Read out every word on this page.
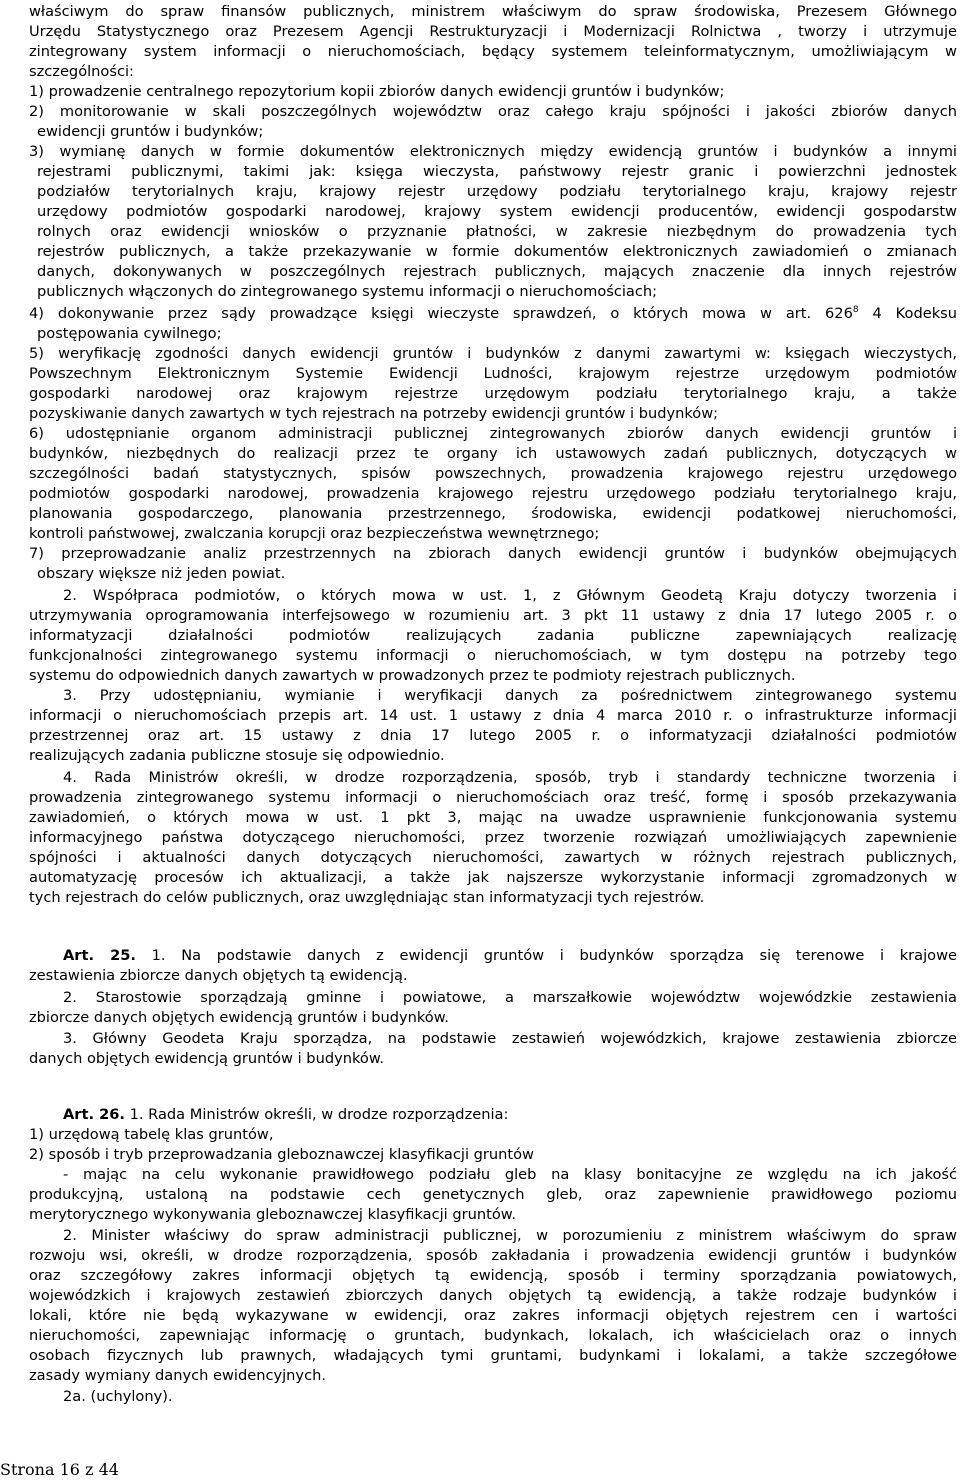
właściwym do spraw finansów publicznych, ministrem właściwym do spraw środowiska, Prezesem Głównego
Urzędu Statystycznego oraz Prezesem Agencji Restrukturyzacji i Modernizacji Rolnictwa , tworzy i utrzymuje
zintegrowany system informacji o nieruchomościach, będący systemem teleinformatycznym, umożliwiającym w
szczególności:
1) prowadzenie centralnego repozytorium kopii zbiorów danych ewidencji gruntów i budynków;
2) monitorowanie w skali poszczególnych województw oraz całego kraju spójności i jakości zbiorów danych
ewidencji gruntów i budynków;
3) wymianę danych w formie dokumentów elektronicznych między ewidencją gruntów i budynków a innymi
rejestrami publicznymi, takimi jak: księga wieczysta, państwowy rejestr granic i powierzchni jednostek
podziałów terytorialnych kraju, krajowy rejestr urzędowy podziału terytorialnego kraju, krajowy rejestr
urzędowy podmiotów gospodarki narodowej, krajowy system ewidencji producentów, ewidencji gospodarstw
rolnych oraz ewidencji wniosków o przyznanie płatności, w zakresie niezbędnym do prowadzenia tych
rejestrów publicznych, a także przekazywanie w formie dokumentów elektronicznych zawiadomień o zmianach
danych, dokonywanych w poszczególnych rejestrach publicznych, mających znaczenie dla innych rejestrów
publicznych włączonych do zintegrowanego systemu informacji o nieruchomościach;
4) dokonywanie przez sądy prowadzące księgi wieczyste sprawdzeń, o których mowa w art. $626^8$ 4 Kodeksu
postępowania cywilnego;
5) weryfikację zgodności danych ewidencji gruntów i budynków z danymi zawartymi w: księgach wieczystych,
Powszechnym Elektronicznym Systemie Ewidencji Ludności, krajowym rejestrze urzędowym podmiotów
gospodarki narodowej oraz krajowym rejestrze urzędowym podziału terytorialnego kraju, a także
pozyskiwanie danych zawartych w tych rejestrach na potrzeby ewidencji gruntów i budynków;
6) udostępnianie organom administracji publicznej zintegrowanych zbiorów danych ewidencji gruntów i
budynków, niezbędnych do realizacji przez te organy ich ustawowych zadań publicznych, dotyczących w
szczególności badań statystycznych, spisów powszechnych, prowadzenia krajowego rejestru urzędowego
podmiotów gospodarki narodowej, prowadzenia krajowego rejestru urzędowego podziału terytorialnego kraju,
planowania gospodarczego, planowania przestrzennego, środowiska, ewidencji podatkowej nieruchomości,
kontroli państwowej, zwalczania korupcji oraz bezpieczeństwa wewnętrznego;
7) przeprowadzanie analiz przestrzennych na zbiorach danych ewidencji gruntów i budynków obejmujących
obszary większe niż jeden powiat.
2. Współpraca podmiotów, o których mowa w ust. 1, z Głównym Geodetą Kraju dotyczy tworzenia i
utrzymywania oprogramowania interfejsowego w rozumieniu art. 3 pkt 11 ustawy z dnia 17 lutego 2005 r. o
informatyzacji działalności podmiotów realizujących zadania publiczne zapewniających realizację
funkcjonalności zintegrowanego systemu informacji o nieruchomościach, w tym dostępu na potrzeby tego
systemu do odpowiednich danych zawartych w prowadzonych przez te podmioty rejestrach publicznych.
3. Przy udostępnianiu, wymianie i weryfikacji danych za pośrednictwem zintegrowanego systemu
informacji o nieruchomościach przepis art. 14 ust. 1 ustawy z dnia 4 marca 2010 r. o infrastrukturze informacji
przestrzennej oraz art. 15 ustawy z dnia 17 lutego 2005 r. o informatyzacji działalności podmiotów
realizujących zadania publiczne stosuje się odpowiednio.
4. Rada Ministrów określi, w drodze rozporządzenia, sposób, tryb i standardy techniczne tworzenia i
prowadzenia zintegrowanego systemu informacji o nieruchomościach oraz treść, formę i sposób przekazywania
zawiadomień, o których mowa w ust. 1 pkt 3, mając na uwadze usprawnienie funkcjonowania systemu
informacyjnego państwa dotyczącego nieruchomości, przez tworzenie rozwiązań umożliwiających zapewnienie
spójności i aktualności danych dotyczących nieruchomości, zawartych w różnych rejestrach publicznych,
automatyzację procesów ich aktualizacji, a także jak najszersze wykorzystanie informacji zgromadzonych w
tych rejestrach do celów publicznych, oraz uwzględniając stan informatyzacji tych rejestrów.
Art. 25. 1. Na podstawie danych z ewidencji gruntów i budynków sporządza się terenowe i krajowe
zestawienia zbiorcze danych objętych tą ewidencją.
2. Starostowie sporządzają gminne i powiatowe, a marszałkowie województw wojewódzkie zestawienia
zbiorcze danych objętych ewidencją gruntów i budynków.
3. Główny Geodeta Kraju sporządza, na podstawie zestawień wojewódzkich, krajowe zestawienia zbiorcze
danych objętych ewidencją gruntów i budynków.
Art. 26. 1. Rada Ministrów określi, w drodze rozporządzenia:
1) urzędową tabelę klas gruntów,
2) sposób i tryb przeprowadzania gleboznawczej klasyfikacji gruntów
- mając na celu wykonanie prawidłowego podziału gleb na klasy bonitacyjne ze względu na ich jakość
produkcyjną, ustaloną na podstawie cech genetycznych gleb, oraz zapewnienie prawidłowego poziomu
merytorycznego wykonywania gleboznawczej klasyfikacji gruntów.
2. Minister właściwy do spraw administracji publicznej, w porozumieniu z ministrem właściwym do spraw
rozwoju wsi, określi, w drodze rozporządzenia, sposób zakładania i prowadzenia ewidencji gruntów i budynków
oraz szczegółowy zakres informacji objętych tą ewidencją, sposób i terminy sporządzania powiatowych,
wojewódzkich i krajowych zestawień zbiorczych danych objętych tą ewidencją, a także rodzaje budynków i
lokali, które nie będą wykazywane w ewidencji, oraz zakres informacji objętych rejestrem cen i wartości
nieruchomości, zapewniając informację o gruntach, budynkach, lokalach, ich właścicielach oraz o innych
osobach fizycznych lub prawnych, władających tymi gruntami, budynkami i lokalami, a także szczegółowe
zasady wymiany danych ewidencyjnych.
2a. (uchylony).
Strona 16 z 44
